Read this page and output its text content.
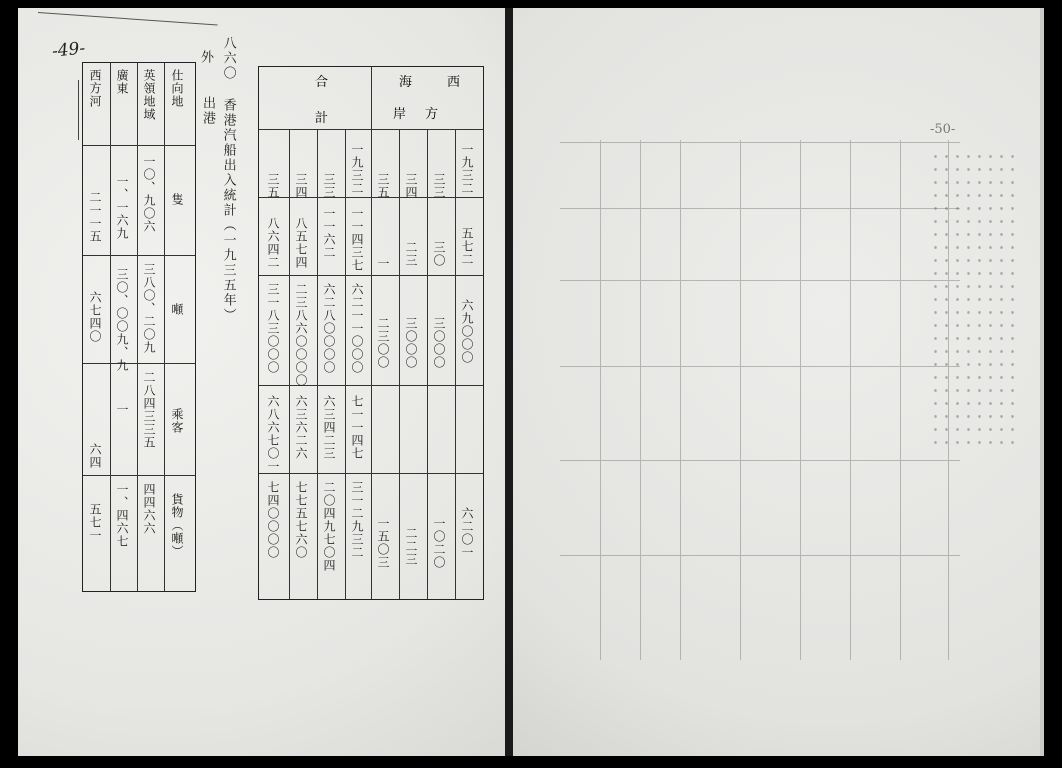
-49-	八六〇 香港汽船出入統計（一九三五年）
外
出港
仕向地
隻
噸
乘客
貨物（噸）
英領地域
一〇、九〇六
三八〇、二〇九
二八四三三五
四四六六
廣東
一、一六九
三〇、〇〇九、九
一
一、四六七
西方河
二一一五
六七四〇
六四
五七一
西
海
合
方
岸
計
一九三二
三三
三四
三五
一九三二
三三
三四
三五
五七二
三〇
二三
一
一一四三七
一一六二
八五七四
八六四二
六九〇〇〇
三〇〇〇
三〇〇〇
二三〇〇
六二一一〇〇〇
六二八〇〇〇〇
二三八六〇〇〇〇
三一八三〇〇〇
七一一四七
六三四二三
六三六二六
六八六七〇一
六二〇一
一〇二〇
二二三
一五〇三
三一二九三二
二〇四九七〇四
七七五七六〇
七四〇〇〇〇
-50-
